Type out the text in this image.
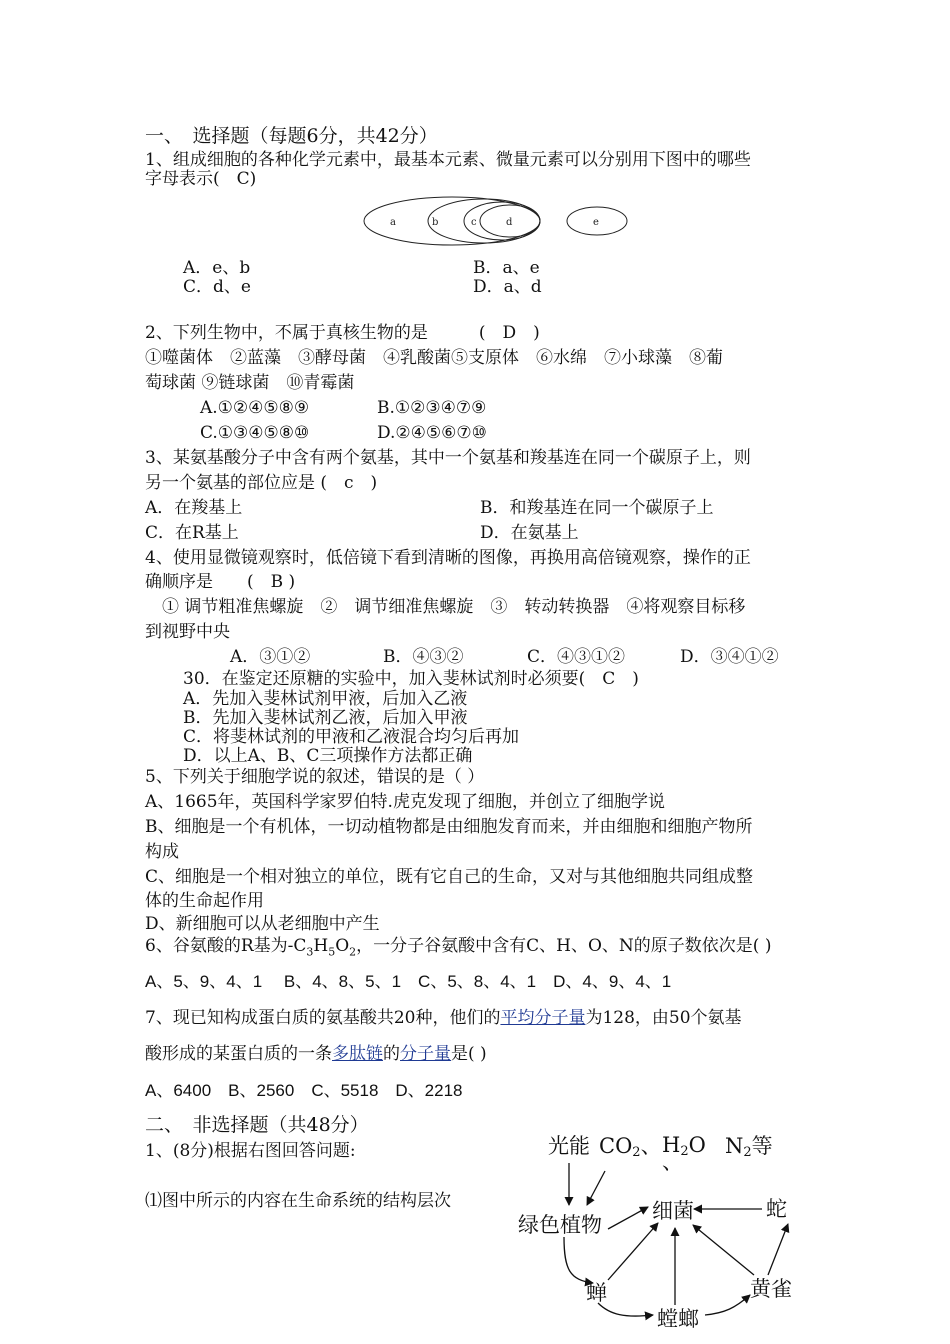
一、　选择题（每题6分，共42分）
1、组成细胞的各种化学元素中，最基本元素、微量元素可以分别用下图中的哪些
字母表示(　C)
a	b	c	d	e
A．e、b	B．a、e
C．d、e	D．a、d
2、下列生物中，不属于真核生物的是　　　(　D　)
①噬菌体　②蓝藻　③酵母菌　④乳酸菌⑤支原体　⑥水绵　⑦小球藻　⑧葡
萄球菌 ⑨链球菌　⑩青霉菌
A.①②④⑤⑧⑨	B.①②③④⑦⑨
C.①③④⑤⑧⑩	D.②④⑤⑥⑦⑩
3、某氨基酸分子中含有两个氨基，其中一个氨基和羧基连在同一个碳原子上，则
另一个氨基的部位应是 (　c　)
A．在羧基上	B．和羧基连在同一个碳原子上
C．在R基上	D．在氨基上
4、使用显微镜观察时，低倍镜下看到清晰的图像，再换用高倍镜观察，操作的正
确顺序是　　(　B )
　① 调节粗准焦螺旋　②　调节细准焦螺旋　③　转动转换器　④将观察目标移
到视野中央
A．③①②	B．④③②	C．④③①②	D．③④①②
30．在鉴定还原糖的实验中，加入斐林试剂时必须要(　C　)
A．先加入斐林试剂甲液，后加入乙液
B．先加入斐林试剂乙液，后加入甲液
C．将斐林试剂的甲液和乙液混合均匀后再加
D．以上A、B、C三项操作方法都正确
5、下列关于细胞学说的叙述，错误的是（ ）
A、1665年，英国科学家罗伯特.虎克发现了细胞，并创立了细胞学说
B、细胞是一个有机体，一切动植物都是由细胞发育而来，并由细胞和细胞产物所
构成
C、细胞是一个相对独立的单位，既有它自己的生命，又对与其他细胞共同组成整
体的生命起作用
D、新细胞可以从老细胞中产生
6、谷氨酸的R基为$-C_3H_5O_2$，一分子谷氨酸中含有C、H、O、N的原子数依次是( )
A、5、9、4、1　 B、4、8、5、1　C、5、8、4、1　D、4、9、4、1
7、现已知构成蛋白质的氨基酸共20种，他们的平均分子量为128，由50个氨基
酸形成的某蛋白质的一条多肽链的分子量是( )
A、6400　B、2560　C、5518　D、2218
二、　非选择题（共48分）
1、(8分)根据右图回答问题:
⑴图中所示的内容在生命系统的结构层次
光能 CO2、 H2O
、
N2等
绿色植物
细菌	蛇
蝉	黄雀
螳螂
